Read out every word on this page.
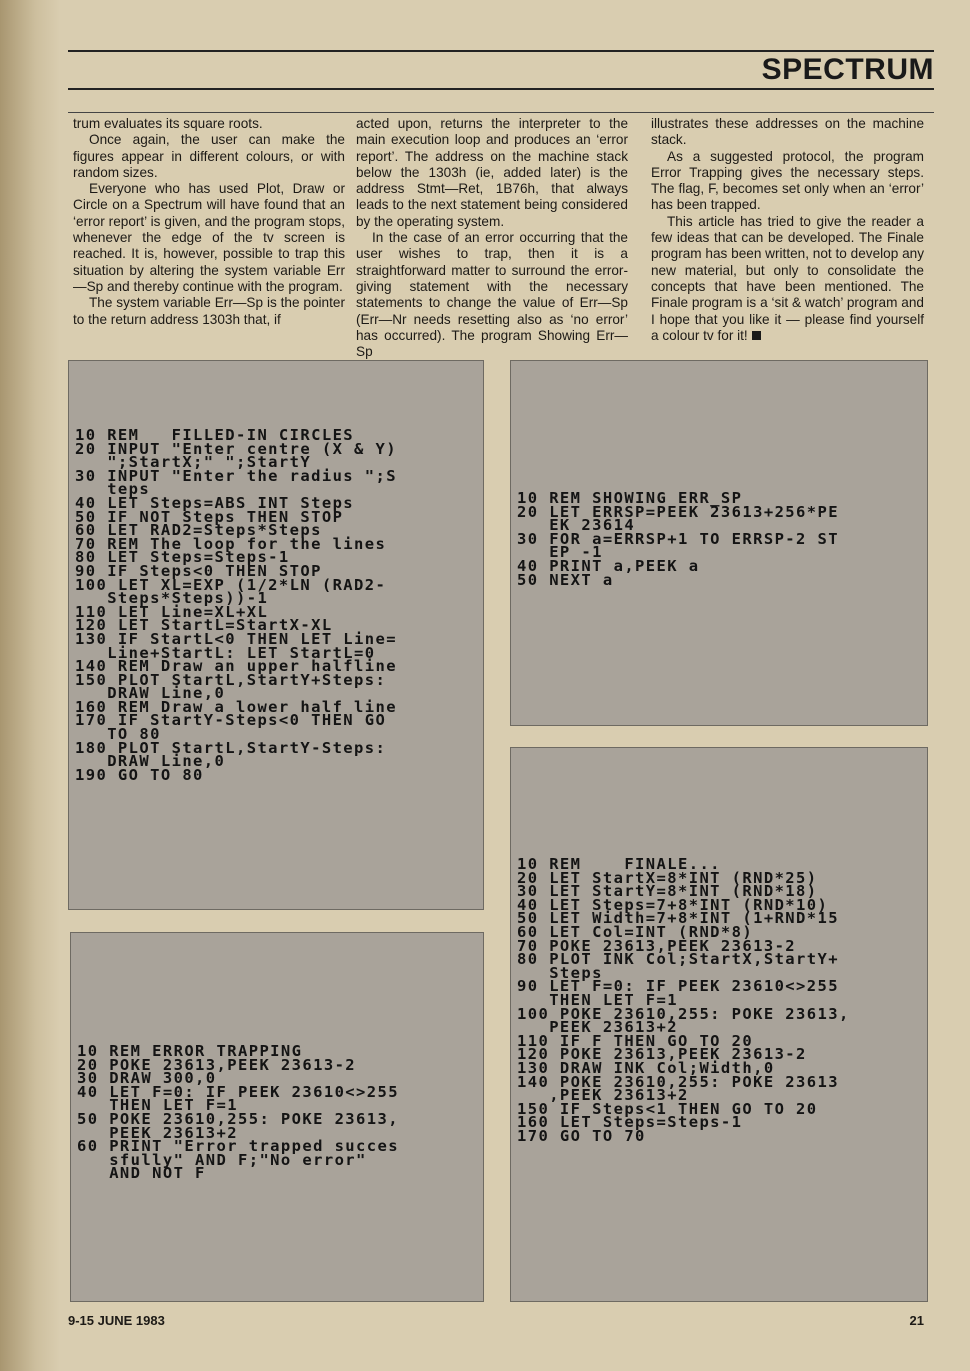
SPECTRUM

trum evaluates its square roots.

Once again, the user can make the figures appear in different colours, or with random sizes.

Everyone who has used Plot, Draw or Circle on a Spectrum will have found that an ‘error report’ is given, and the program stops, whenever the edge of the tv screen is reached. It is, however, possible to trap this situation by altering the system variable Err—Sp and thereby continue with the program.

The system variable Err—Sp is the pointer to the return address 1303h that, if

acted upon, returns the interpreter to the main execution loop and produces an ‘error report’. The address on the machine stack below the 1303h (ie, added later) is the address Stmt—Ret, 1B76h, that always leads to the next statement being considered by the operating system.

In the case of an error occurring that the user wishes to trap, then it is a straightforward matter to surround the error-giving statement with the necessary statements to change the value of Err—Sp (Err—Nr needs resetting also as ‘no error’ has occurred). The program Showing Err—Sp

illustrates these addresses on the machine stack.

As a suggested protocol, the program Error Trapping gives the necessary steps. The flag, F, becomes set only when an ‘error’ has been trapped.

This article has tried to give the reader a few ideas that can be developed. The Finale program has been written, not to develop any new material, but only to consolidate the concepts that have been mentioned. The Finale program is a ‘sit & watch’ program and I hope that you like it — please find yourself a colour tv for it!

10 REM   FILLED-IN CIRCLES
20 INPUT "Enter centre (X & Y)
";StartX;" ";StartY
30 INPUT "Enter the radius ";S
teps
40 LET Steps=ABS INT Steps
50 IF NOT Steps THEN STOP
60 LET RAD2=Steps*Steps
70 REM The loop for the lines
80 LET Steps=Steps-1
90 IF Steps<0 THEN STOP
100 LET XL=EXP (1/2*LN (RAD2-
Steps*Steps))-1
110 LET Line=XL+XL
120 LET StartL=StartX-XL
130 IF StartL<0 THEN LET Line=
Line+StartL: LET StartL=0
140 REM Draw an upper halfline
150 PLOT StartL,StartY+Steps:
DRAW Line,0
160 REM Draw a lower half line
170 IF StartY-Steps<0 THEN GO
TO 80
180 PLOT StartL,StartY-Steps:
DRAW Line,0
190 GO TO 80
10 REM SHOWING ERR_SP
20 LET ERRSP=PEEK 23613+256*PE
EK 23614
30 FOR a=ERRSP+1 TO ERRSP-2 ST
EP -1
40 PRINT a,PEEK a
50 NEXT a
10 REM ERROR TRAPPING
20 POKE 23613,PEEK 23613-2
30 DRAW 300,0
40 LET F=0: IF PEEK 23610<>255
THEN LET F=1
50 POKE 23610,255: POKE 23613,
PEEK 23613+2
60 PRINT "Error trapped succes
sfully" AND F;"No error"
AND NOT F
10 REM    FINALE...
20 LET StartX=8*INT (RND*25)
30 LET StartY=8*INT (RND*18)
40 LET Steps=7+8*INT (RND*10)
50 LET Width=7+8*INT (1+RND*15
60 LET Col=INT (RND*8)
70 POKE 23613,PEEK 23613-2
80 PLOT INK Col;StartX,StartY+
Steps
90 LET F=0: IF PEEK 23610<>255
THEN LET F=1
100 POKE 23610,255: POKE 23613,
PEEK 23613+2
110 IF F THEN GO TO 20
120 POKE 23613,PEEK 23613-2
130 DRAW INK Col;Width,0
140 POKE 23610,255: POKE 23613
,PEEK 23613+2
150 IF Steps<1 THEN GO TO 20
160 LET Steps=Steps-1
170 GO TO 70
9-15 JUNE 1983	21
